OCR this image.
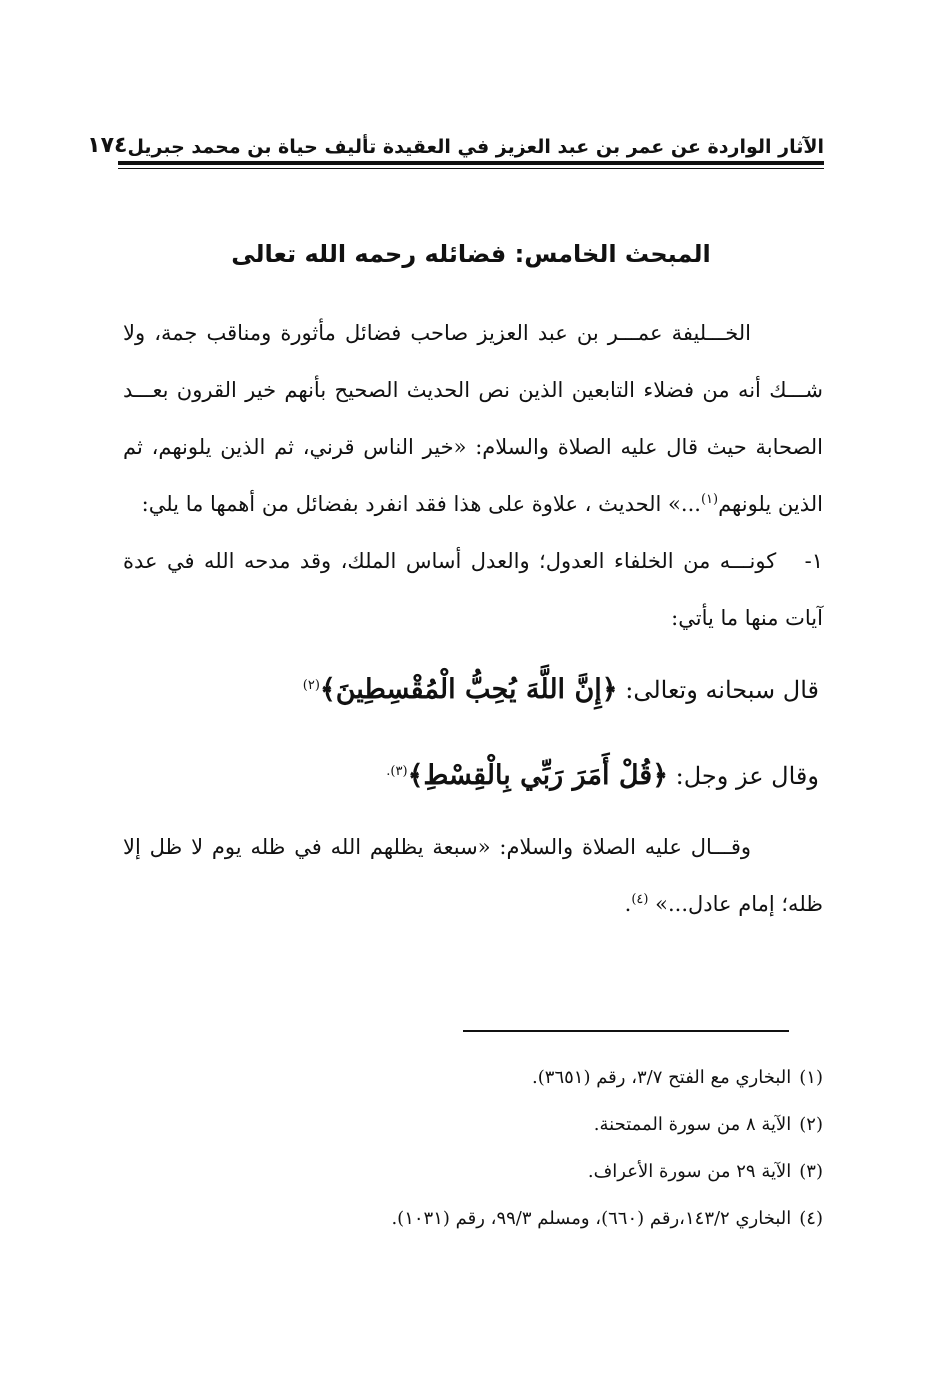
الآثار الواردة عن عمر بن عبد العزيز في العقيدة تأليف حياة بن محمد جبريل
١٧٤
المبحث الخامس: فضائله رحمه الله تعالى

الخـــليفة عمـــر بن عبد العزيز صاحب فضائل مأثورة ومناقب جمة، ولا شـــك أنه من فضلاء التابعين الذين نص الحديث الصحيح بأنهم خير القرون بعـــد الصحابة حيث قال عليه الصلاة والسلام: «خير الناس قرني، ثم الذين يلونهم، ثم الذين يلونهم$^{(١)}$...» الحديث ، علاوة على هذا فقد انفرد بفضائل من أهمها ما يلي:

١-   كونـــه من الخلفاء العدول؛ والعدل أساس الملك، وقد مدحه الله في عدة آيات منها ما يأتي:

قال سبحانه وتعالى: ﴿إِنَّ اللَّهَ يُحِبُّ الْمُقْسِطِينَ﴾$^{(٢)}$

وقال عز وجل: ﴿قُلْ أَمَرَ رَبِّي بِالْقِسْطِ﴾$^{(٣).}$

وقـــال عليه الصلاة والسلام: «سبعة يظلهم الله في ظله يوم لا ظل إلا ظله؛ إمام عادل...» $^{(٤)}$.

(١)البخاري مع الفتح ٣/٧، رقم (٣٦٥١).

(٢)الآية ٨ من سورة الممتحنة.

(٣)الآية ٢٩ من سورة الأعراف.

(٤)البخاري ١٤٣/٢،رقم (٦٦٠)، ومسلم ٩٩/٣، رقم (١٠٣١).
